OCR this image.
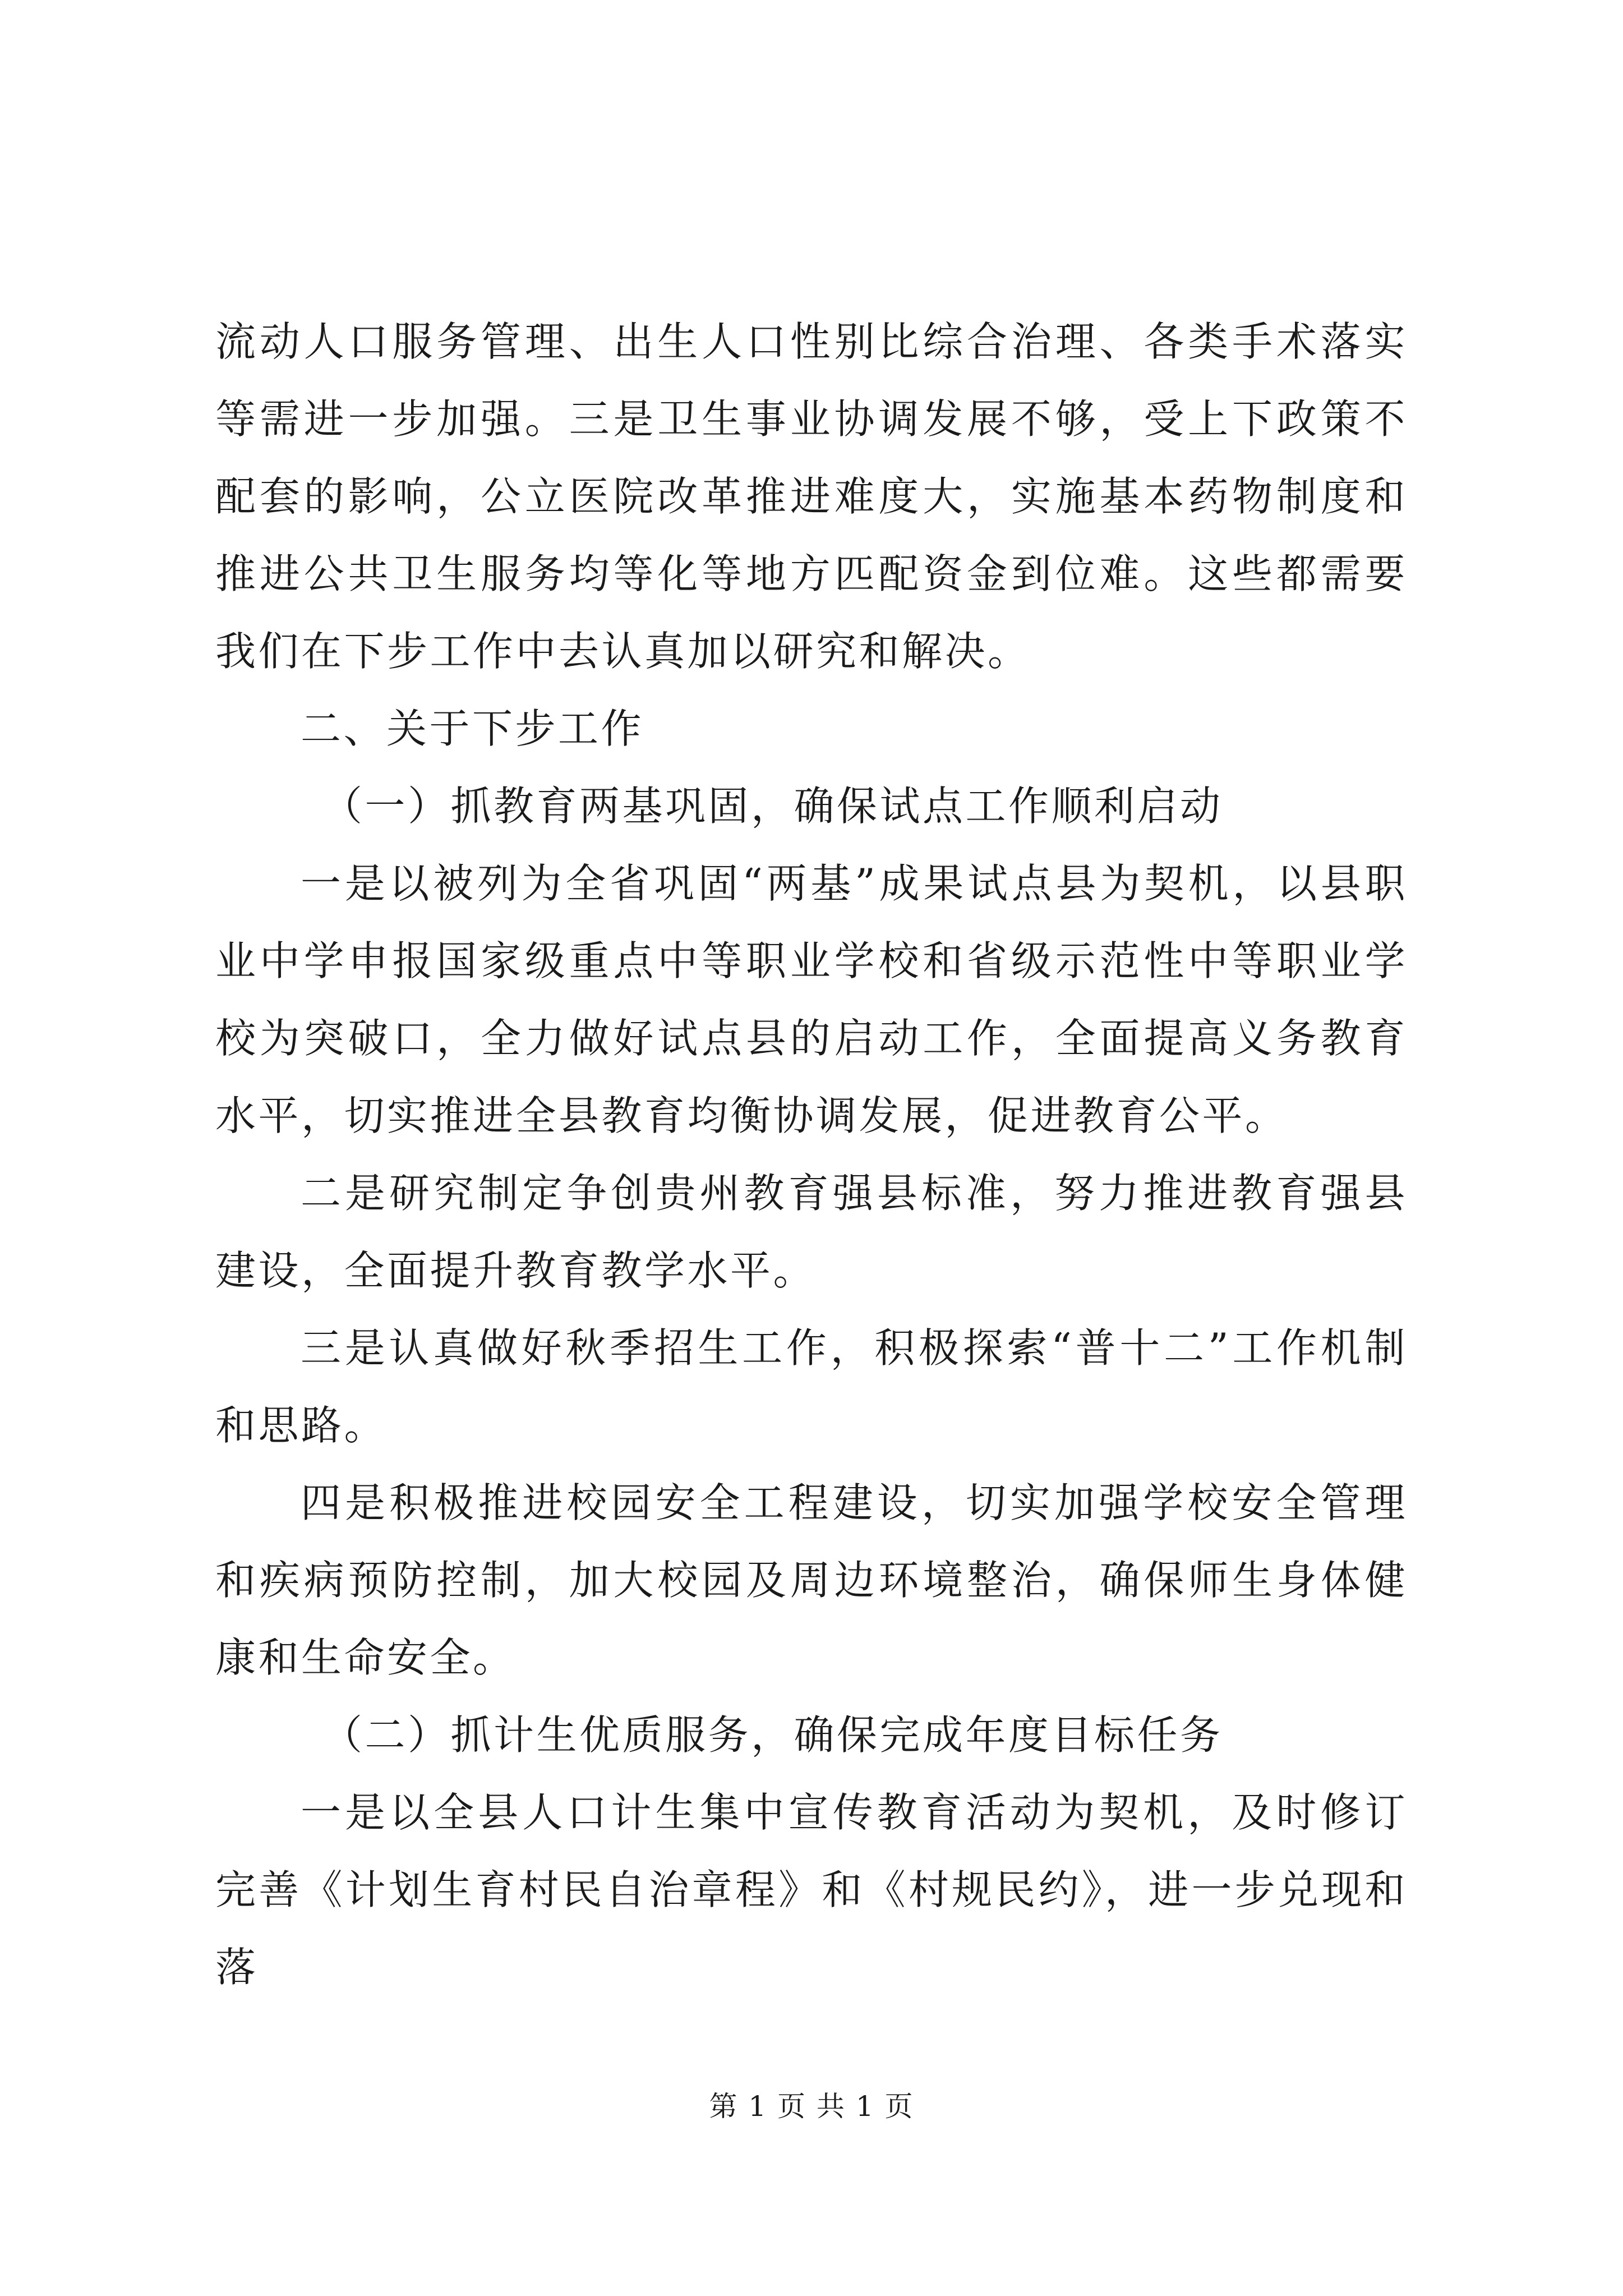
流动人口服务管理、出生人口性别比综合治理、各类手术落实等需进一步加强。三是卫生事业协调发展不够，受上下政策不配套的影响，公立医院改革推进难度大，实施基本药物制度和推进公共卫生服务均等化等地方匹配资金到位难。这些都需要我们在下步工作中去认真加以研究和解决。

二、关于下步工作

（一）抓教育两基巩固，确保试点工作顺利启动

一是以被列为全省巩固“两基”成果试点县为契机，以县职业中学申报国家级重点中等职业学校和省级示范性中等职业学校为突破口，全力做好试点县的启动工作，全面提高义务教育水平，切实推进全县教育均衡协调发展，促进教育公平。

二是研究制定争创贵州教育强县标准，努力推进教育强县建设，全面提升教育教学水平。

三是认真做好秋季招生工作，积极探索“普十二”工作机制和思路。

四是积极推进校园安全工程建设，切实加强学校安全管理和疾病预防控制，加大校园及周边环境整治，确保师生身体健康和生命安全。

（二）抓计生优质服务，确保完成年度目标任务

一是以全县人口计生集中宣传教育活动为契机，及时修订完善《计划生育村民自治章程》和《村规民约》，进一步兑现和落

第 1 页 共 1 页
